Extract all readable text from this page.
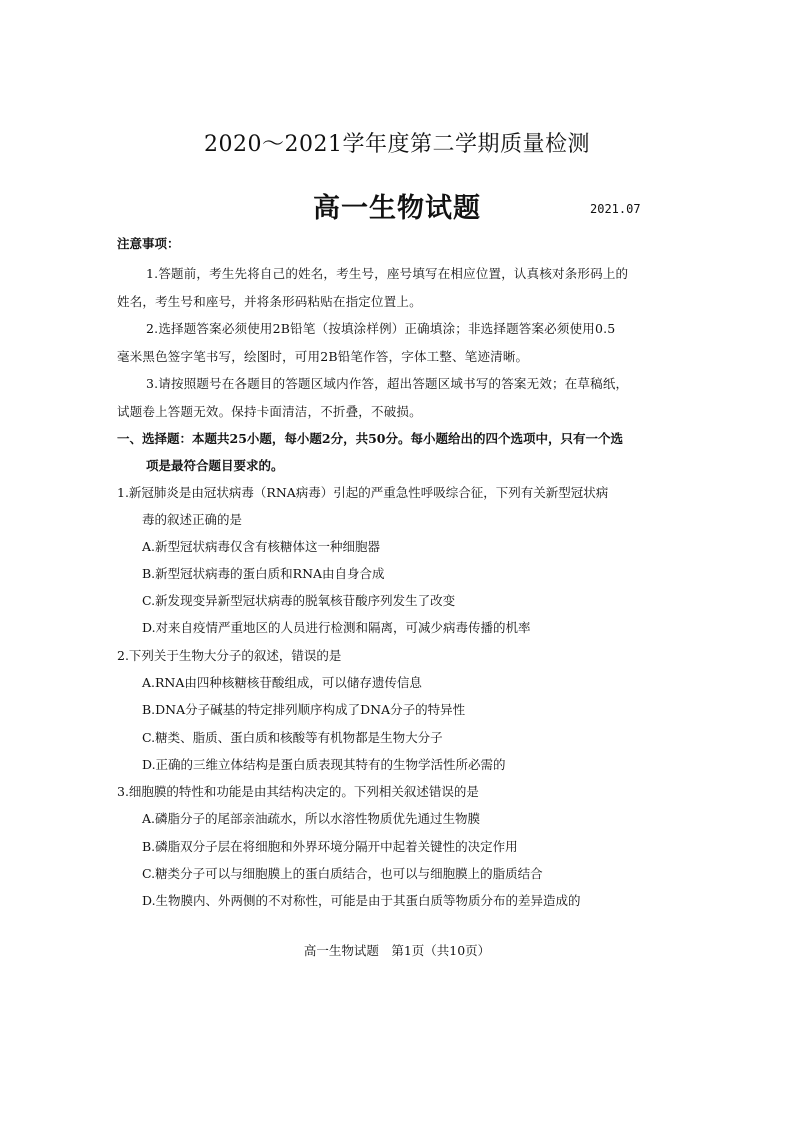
2020～2021学年度第二学期质量检测
高一生物试题	2021.07
注意事项：
1.答题前，考生先将自己的姓名，考生号，座号填写在相应位置，认真核对条形码上的
姓名，考生号和座号，并将条形码粘贴在指定位置上。
2.选择题答案必须使用2B铅笔（按填涂样例）正确填涂；非选择题答案必须使用0.5
毫米黑色签字笔书写，绘图时，可用2B铅笔作答，字体工整、笔迹清晰。
3.请按照题号在各题目的答题区域内作答，超出答题区域书写的答案无效；在草稿纸，
试题卷上答题无效。保持卡面清洁，不折叠，不破损。
一、选择题：本题共25小题，每小题2分，共50分。每小题给出的四个选项中，只有一个选
项是最符合题目要求的。
1.新冠肺炎是由冠状病毒（RNA病毒）引起的严重急性呼吸综合征，下列有关新型冠状病
毒的叙述正确的是
A.新型冠状病毒仅含有核糖体这一种细胞器
B.新型冠状病毒的蛋白质和RNA由自身合成
C.新发现变异新型冠状病毒的脱氧核苷酸序列发生了改变
D.对来自疫情严重地区的人员进行检测和隔离，可减少病毒传播的机率
2.下列关于生物大分子的叙述，错误的是
A.RNA由四种核糖核苷酸组成，可以储存遗传信息
B.DNA分子碱基的特定排列顺序构成了DNA分子的特异性
C.糖类、脂质、蛋白质和核酸等有机物都是生物大分子
D.正确的三维立体结构是蛋白质表现其特有的生物学活性所必需的
3.细胞膜的特性和功能是由其结构决定的。下列相关叙述错误的是
A.磷脂分子的尾部亲油疏水，所以水溶性物质优先通过生物膜
B.磷脂双分子层在将细胞和外界环境分隔开中起着关键性的决定作用
C.糖类分子可以与细胞膜上的蛋白质结合，也可以与细胞膜上的脂质结合
D.生物膜内、外两侧的不对称性，可能是由于其蛋白质等物质分布的差异造成的
高一生物试题　第1页（共10页）
